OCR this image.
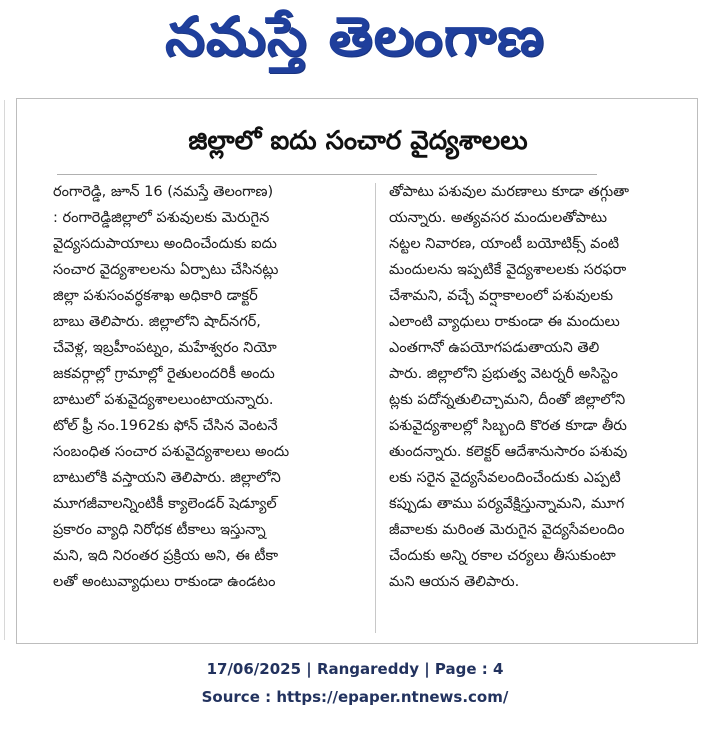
నమస్తే తెలంగాణ
జిల్లాలో ఐదు సంచార వైద్యశాలలు
రంగారెడ్డి, జూన్ 16 (నమస్తే తెలంగాణ)
: రంగారెడ్డిజిల్లాలో పశువులకు మెరుగైన
వైద్యసదుపాయాలు అందించేందుకు ఐదు
సంచార వైద్యశాలలను ఏర్పాటు చేసినట్లు
జిల్లా పశుసంవర్ధకశాఖ అధికారి డాక్టర్
బాబు తెలిపారు. జిల్లాలోని షాద్‌నగర్,
చేవెళ్ల, ఇబ్రహీంపట్నం, మహేశ్వరం నియో
జకవర్గాల్లో గ్రామాల్లో రైతులందరికీ అందు
బాటులో పశువైద్యశాలలుంటాయన్నారు.
టోల్ ఫ్రీ నం.1962కు ఫోన్ చేసిన వెంటనే
సంబంధిత సంచార పశువైద్యశాలలు అందు
బాటులోకి వస్తాయని తెలిపారు. జిల్లాలోని
మూగజీవాలన్నింటికీ క్యాలెండర్ షెడ్యూల్
ప్రకారం వ్యాధి నిరోధక టీకాలు ఇస్తున్నా
మని, ఇది నిరంతర ప్రక్రియ అని, ఈ టీకా
లతో అంటువ్యాధులు రాకుండా ఉండటం
తోపాటు పశువుల మరణాలు కూడా తగ్గుతా
యన్నారు. అత్యవసర మందులతోపాటు
నట్టల నివారణ, యాంటీ బయోటిక్స్ వంటి
మందులను ఇప్పటికే వైద్యశాలలకు సరఫరా
చేశామని, వచ్చే వర్షాకాలంలో పశువులకు
ఎలాంటి వ్యాధులు రాకుండా ఈ మందులు
ఎంతగానో ఉపయోగపడుతాయని తెలి
పారు. జిల్లాలోని ప్రభుత్వ వెటర్నరీ అసిస్టెం
ట్లకు పదోన్నతులిచ్చామని, దీంతో జిల్లాలోని
పశువైద్యశాలల్లో సిబ్బంది కొరత కూడా తీరు
తుందన్నారు. కలెక్టర్ ఆదేశానుసారం పశువు
లకు సరైన వైద్యసేవలందించేందుకు ఎప్పటి
కప్పుడు తాము పర్యవేక్షిస్తున్నామని, మూగ
జీవాలకు మరింత మెరుగైన వైద్యసేవలందిం
చేందుకు అన్ని రకాల చర్యలు తీసుకుంటా
మని ఆయన తెలిపారు.
17/06/2025 | Rangareddy | Page : 4
Source : https://epaper.ntnews.com/
